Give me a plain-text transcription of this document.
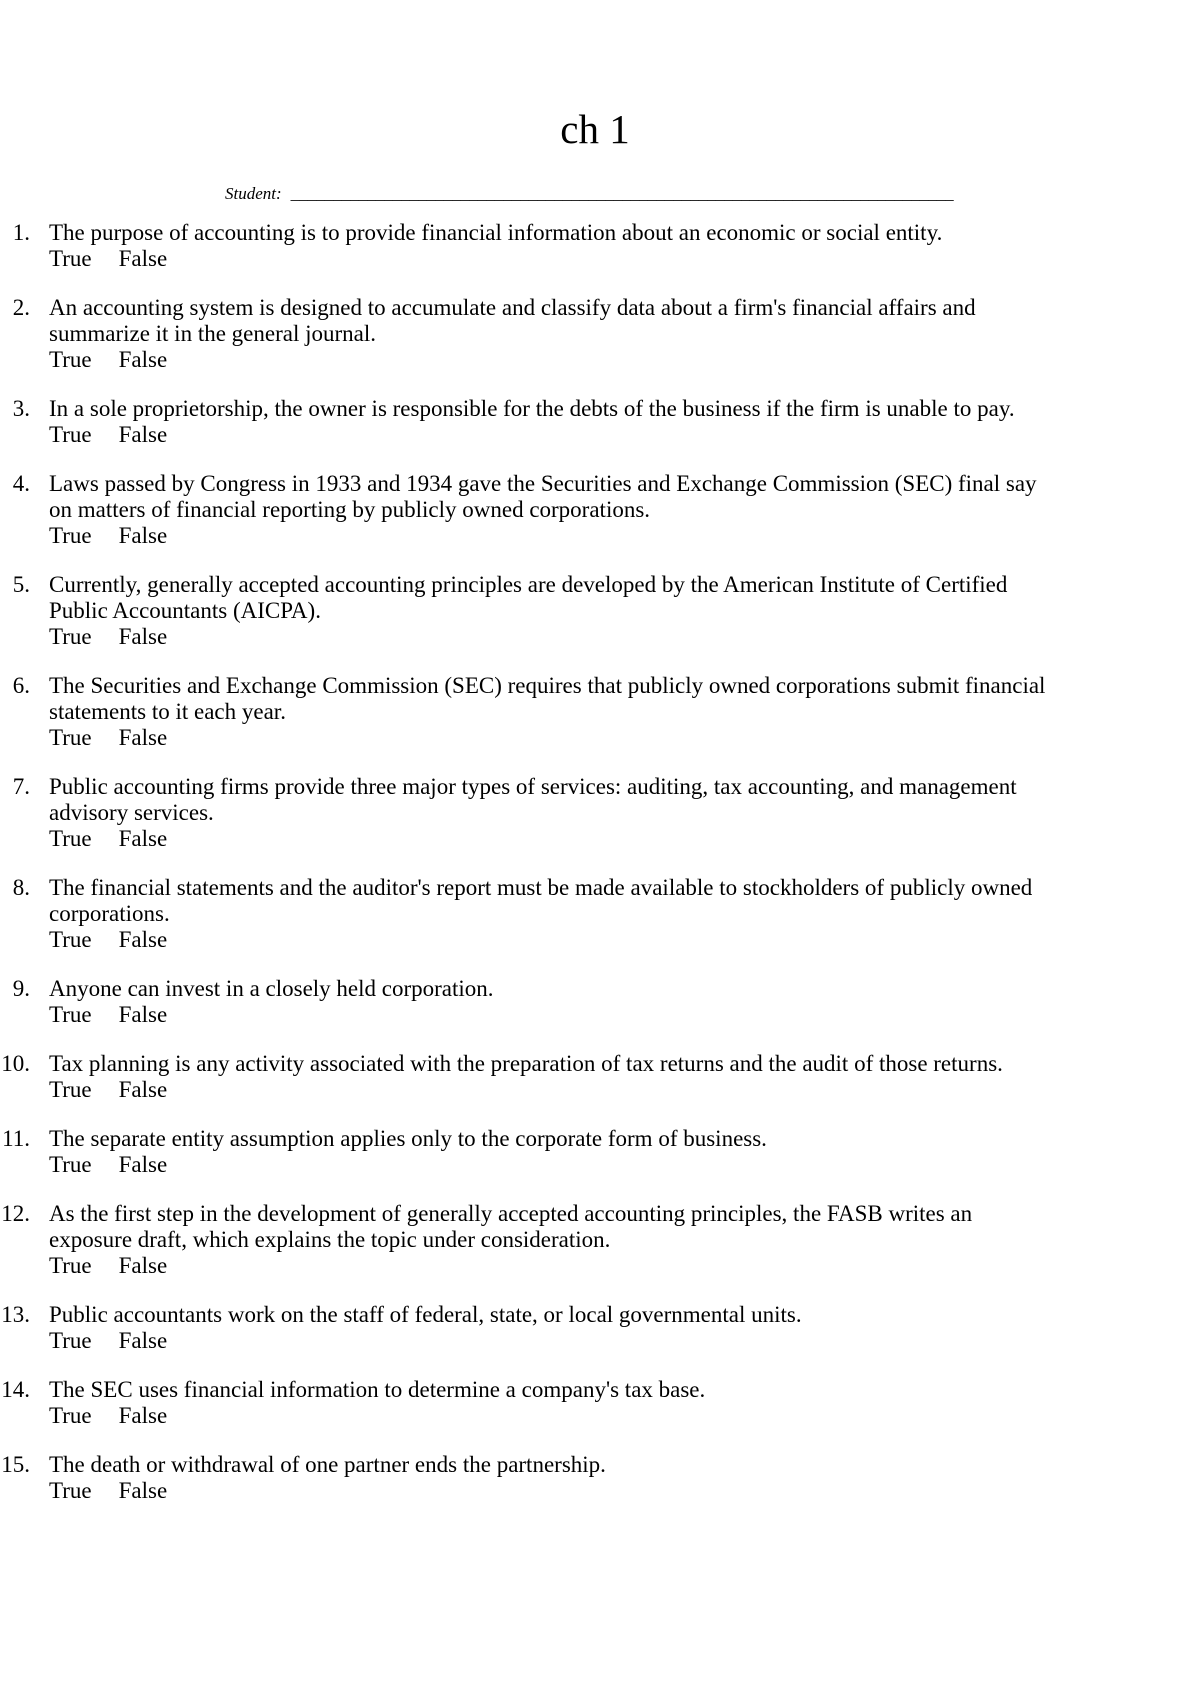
ch 1
Student: ______________________________________________________________________________
1. The purpose of accounting is to provide financial information about an economic or social entity.
True False
2. An accounting system is designed to accumulate and classify data about a firm's financial affairs and summarize it in the general journal.
True False
3. In a sole proprietorship, the owner is responsible for the debts of the business if the firm is unable to pay.
True False
4. Laws passed by Congress in 1933 and 1934 gave the Securities and Exchange Commission (SEC) final say on matters of financial reporting by publicly owned corporations.
True False
5. Currently, generally accepted accounting principles are developed by the American Institute of Certified Public Accountants (AICPA).
True False
6. The Securities and Exchange Commission (SEC) requires that publicly owned corporations submit financial statements to it each year.
True False
7. Public accounting firms provide three major types of services: auditing, tax accounting, and management advisory services.
True False
8. The financial statements and the auditor's report must be made available to stockholders of publicly owned corporations.
True False
9. Anyone can invest in a closely held corporation.
True False
10. Tax planning is any activity associated with the preparation of tax returns and the audit of those returns.
True False
11. The separate entity assumption applies only to the corporate form of business.
True False
12. As the first step in the development of generally accepted accounting principles, the FASB writes an exposure draft, which explains the topic under consideration.
True False
13. Public accountants work on the staff of federal, state, or local governmental units.
True False
14. The SEC uses financial information to determine a company's tax base.
True False
15. The death or withdrawal of one partner ends the partnership.
True False
